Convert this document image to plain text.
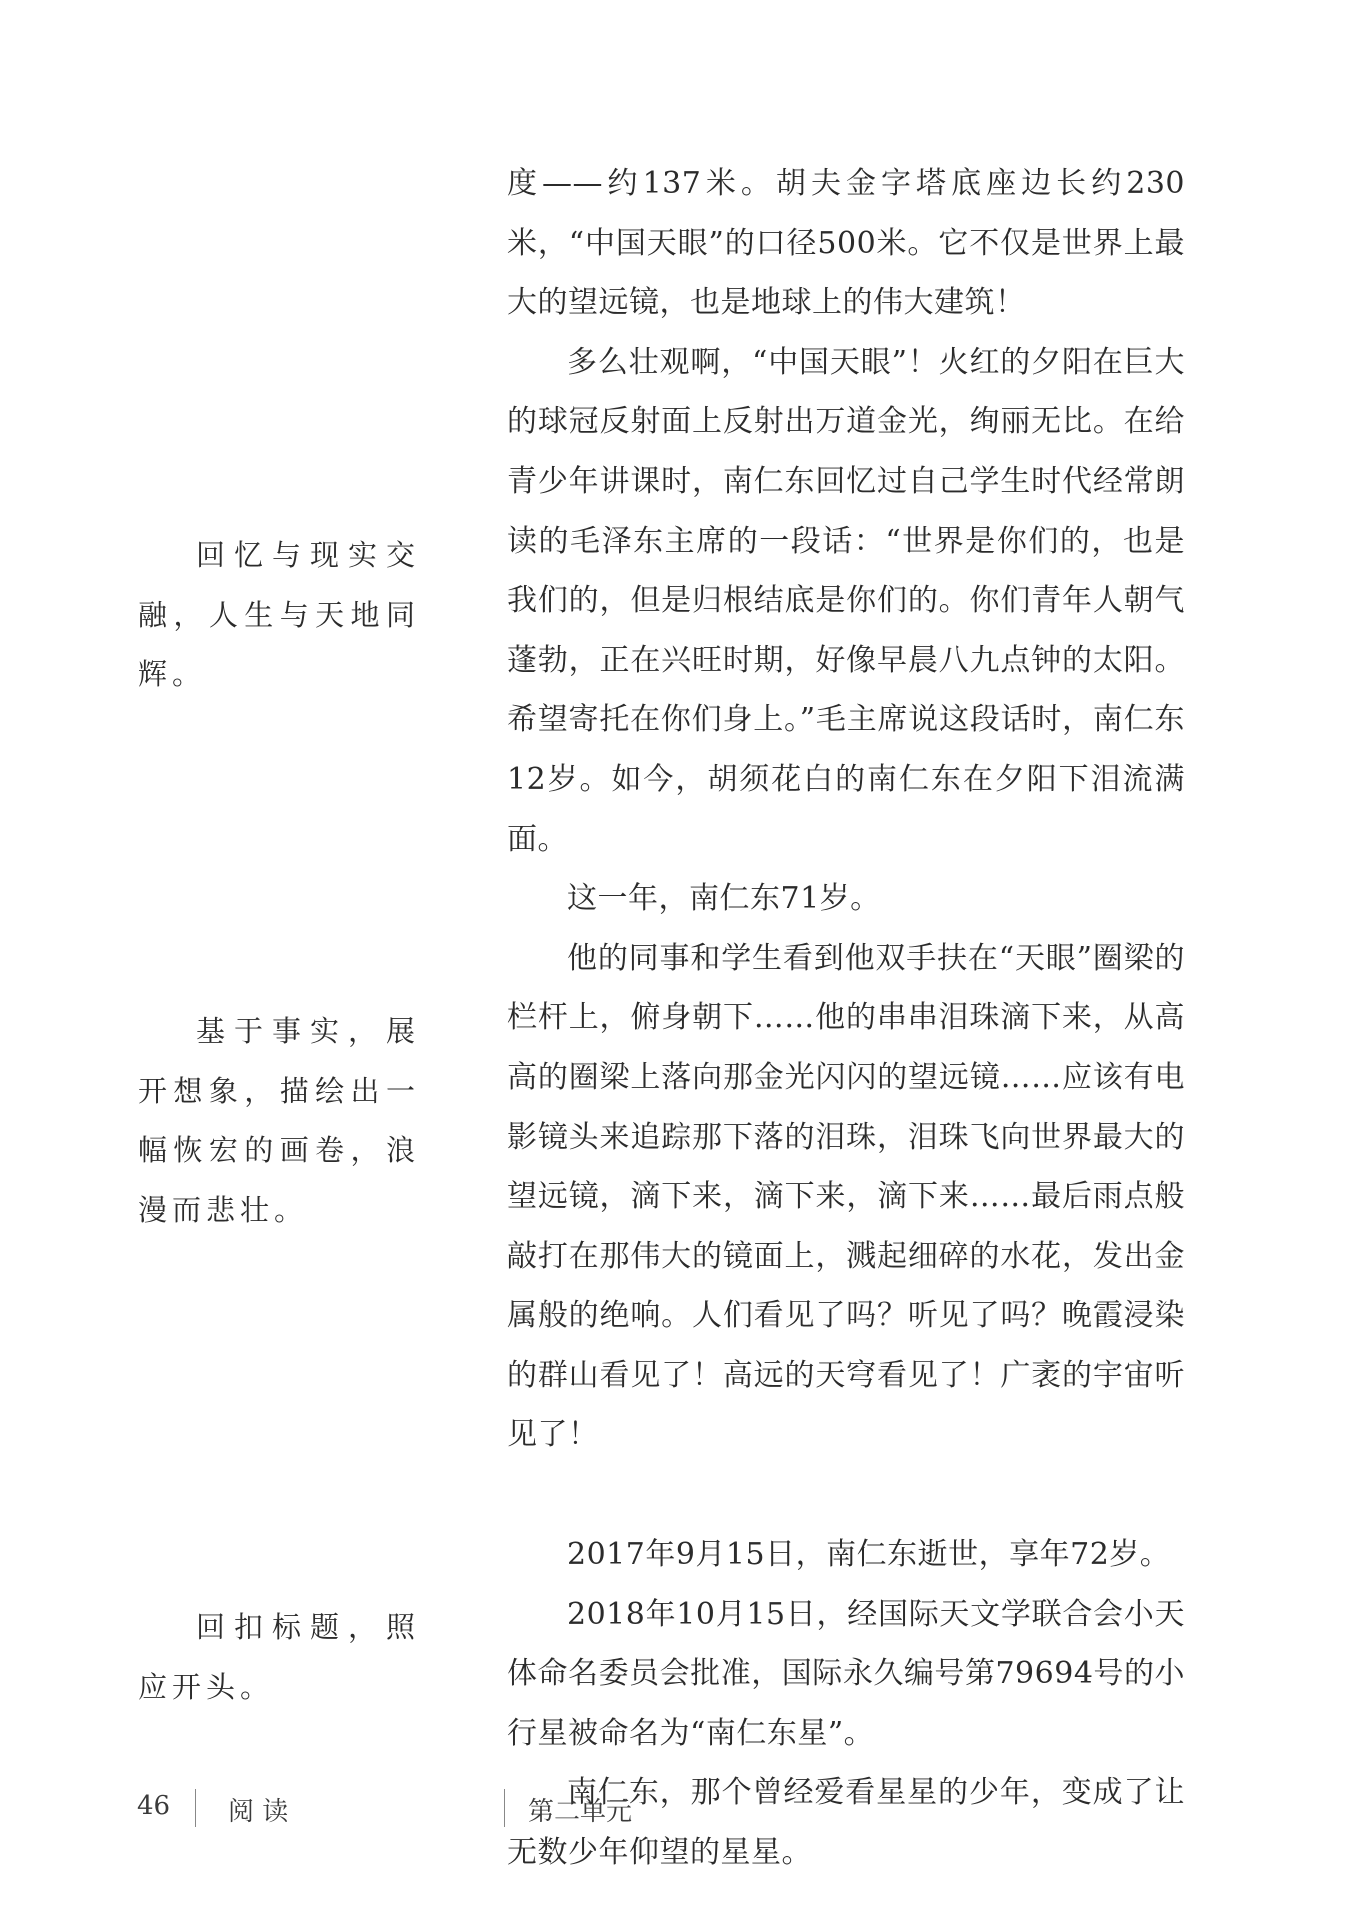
度——约137米。胡夫金字塔底座边长约230米，“中国天眼”的口径500米。它不仅是世界上最大的望远镜，也是地球上的伟大建筑！

多么壮观啊，“中国天眼”！火红的夕阳在巨大的球冠反射面上反射出万道金光，绚丽无比。在给青少年讲课时，南仁东回忆过自己学生时代经常朗读的毛泽东主席的一段话：“世界是你们的，也是我们的，但是归根结底是你们的。你们青年人朝气蓬勃，正在兴旺时期，好像早晨八九点钟的太阳。希望寄托在你们身上。”毛主席说这段话时，南仁东12岁。如今，胡须花白的南仁东在夕阳下泪流满面。

这一年，南仁东71岁。

他的同事和学生看到他双手扶在“天眼”圈梁的栏杆上，俯身朝下……他的串串泪珠滴下来，从高高的圈梁上落向那金光闪闪的望远镜……应该有电影镜头来追踪那下落的泪珠，泪珠飞向世界最大的望远镜，滴下来，滴下来，滴下来……最后雨点般敲打在那伟大的镜面上，溅起细碎的水花，发出金属般的绝响。人们看见了吗？听见了吗？晚霞浸染的群山看见了！高远的天穹看见了！广袤的宇宙听见了！

2017年9月15日，南仁东逝世，享年72岁。

2018年10月15日，经国际天文学联合会小天体命名委员会批准，国际永久编号第79694号的小行星被命名为“南仁东星”。

南仁东，那个曾经爱看星星的少年，变成了让无数少年仰望的星星。

回忆与现实交融，人生与天地同辉。

基于事实，展开想象，描绘出一幅恢宏的画卷，浪漫而悲壮。

回扣标题，照应开头。

46 阅 读	第二单元
